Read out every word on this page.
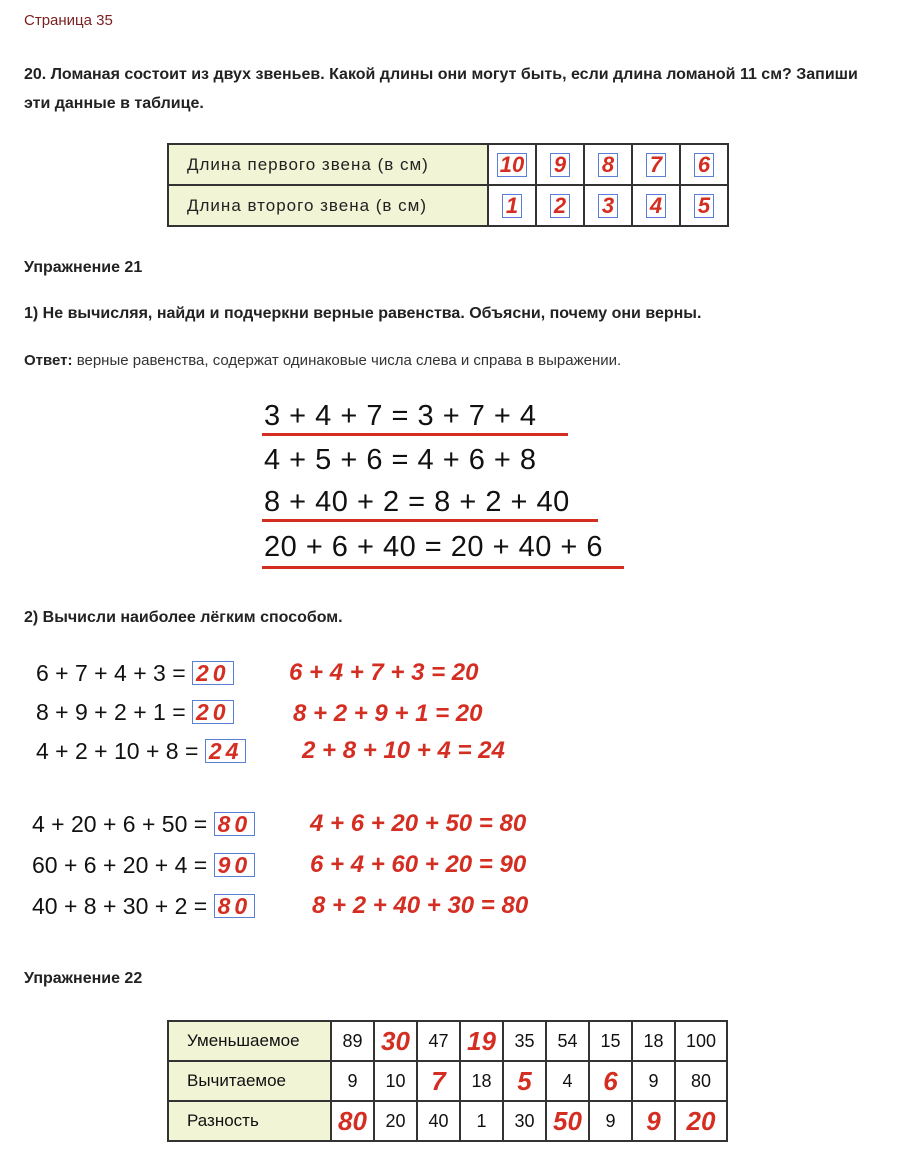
Страница 35
20. Ломаная состоит из двух звеньев. Какой длины они могут быть, если длина ломаной 11 см? Запиши эти данные в таблице.
Длина первого звена (в см)	10	9	8	7	6
Длина второго звена (в см)	1	2	3	4	5
Упражнение 21
1) Не вычисляя, найди и подчеркни верные равенства. Объясни, почему они верны.
Ответ: верные равенства, содержат одинаковые числа слева и справа в выражении.
3 + 4 + 7 = 3 + 7 + 4
4 + 5 + 6 = 4 + 6 + 8
8 + 40 + 2 = 8 + 2 + 40
20 + 6 + 40 = 20 + 40 + 6
2) Вычисли наиболее лёгким способом.
6 + 7 + 4 + 3 = 20 6 + 4 + 7 + 3 = 20
8 + 9 + 2 + 1 = 20	8 + 2 + 9 + 1 = 20
4 + 2 + 10 + 8 = 24 2 + 8 + 10 + 4 = 24
4 + 20 + 6 + 50 = 80 4 + 6 + 20 + 50 = 80
60 + 6 + 20 + 4 = 90 6 + 4 + 60 + 20 = 90
40 + 8 + 30 + 2 = 80	8 + 2 + 40 + 30 = 80
Упражнение 22
Уменьшаемое	89	30	47	19	35	54	15	18	100
Вычитаемое	9	10	7	18	5	4	6	9	80
Разность	80	20	40	1	30	50	9	9	20
